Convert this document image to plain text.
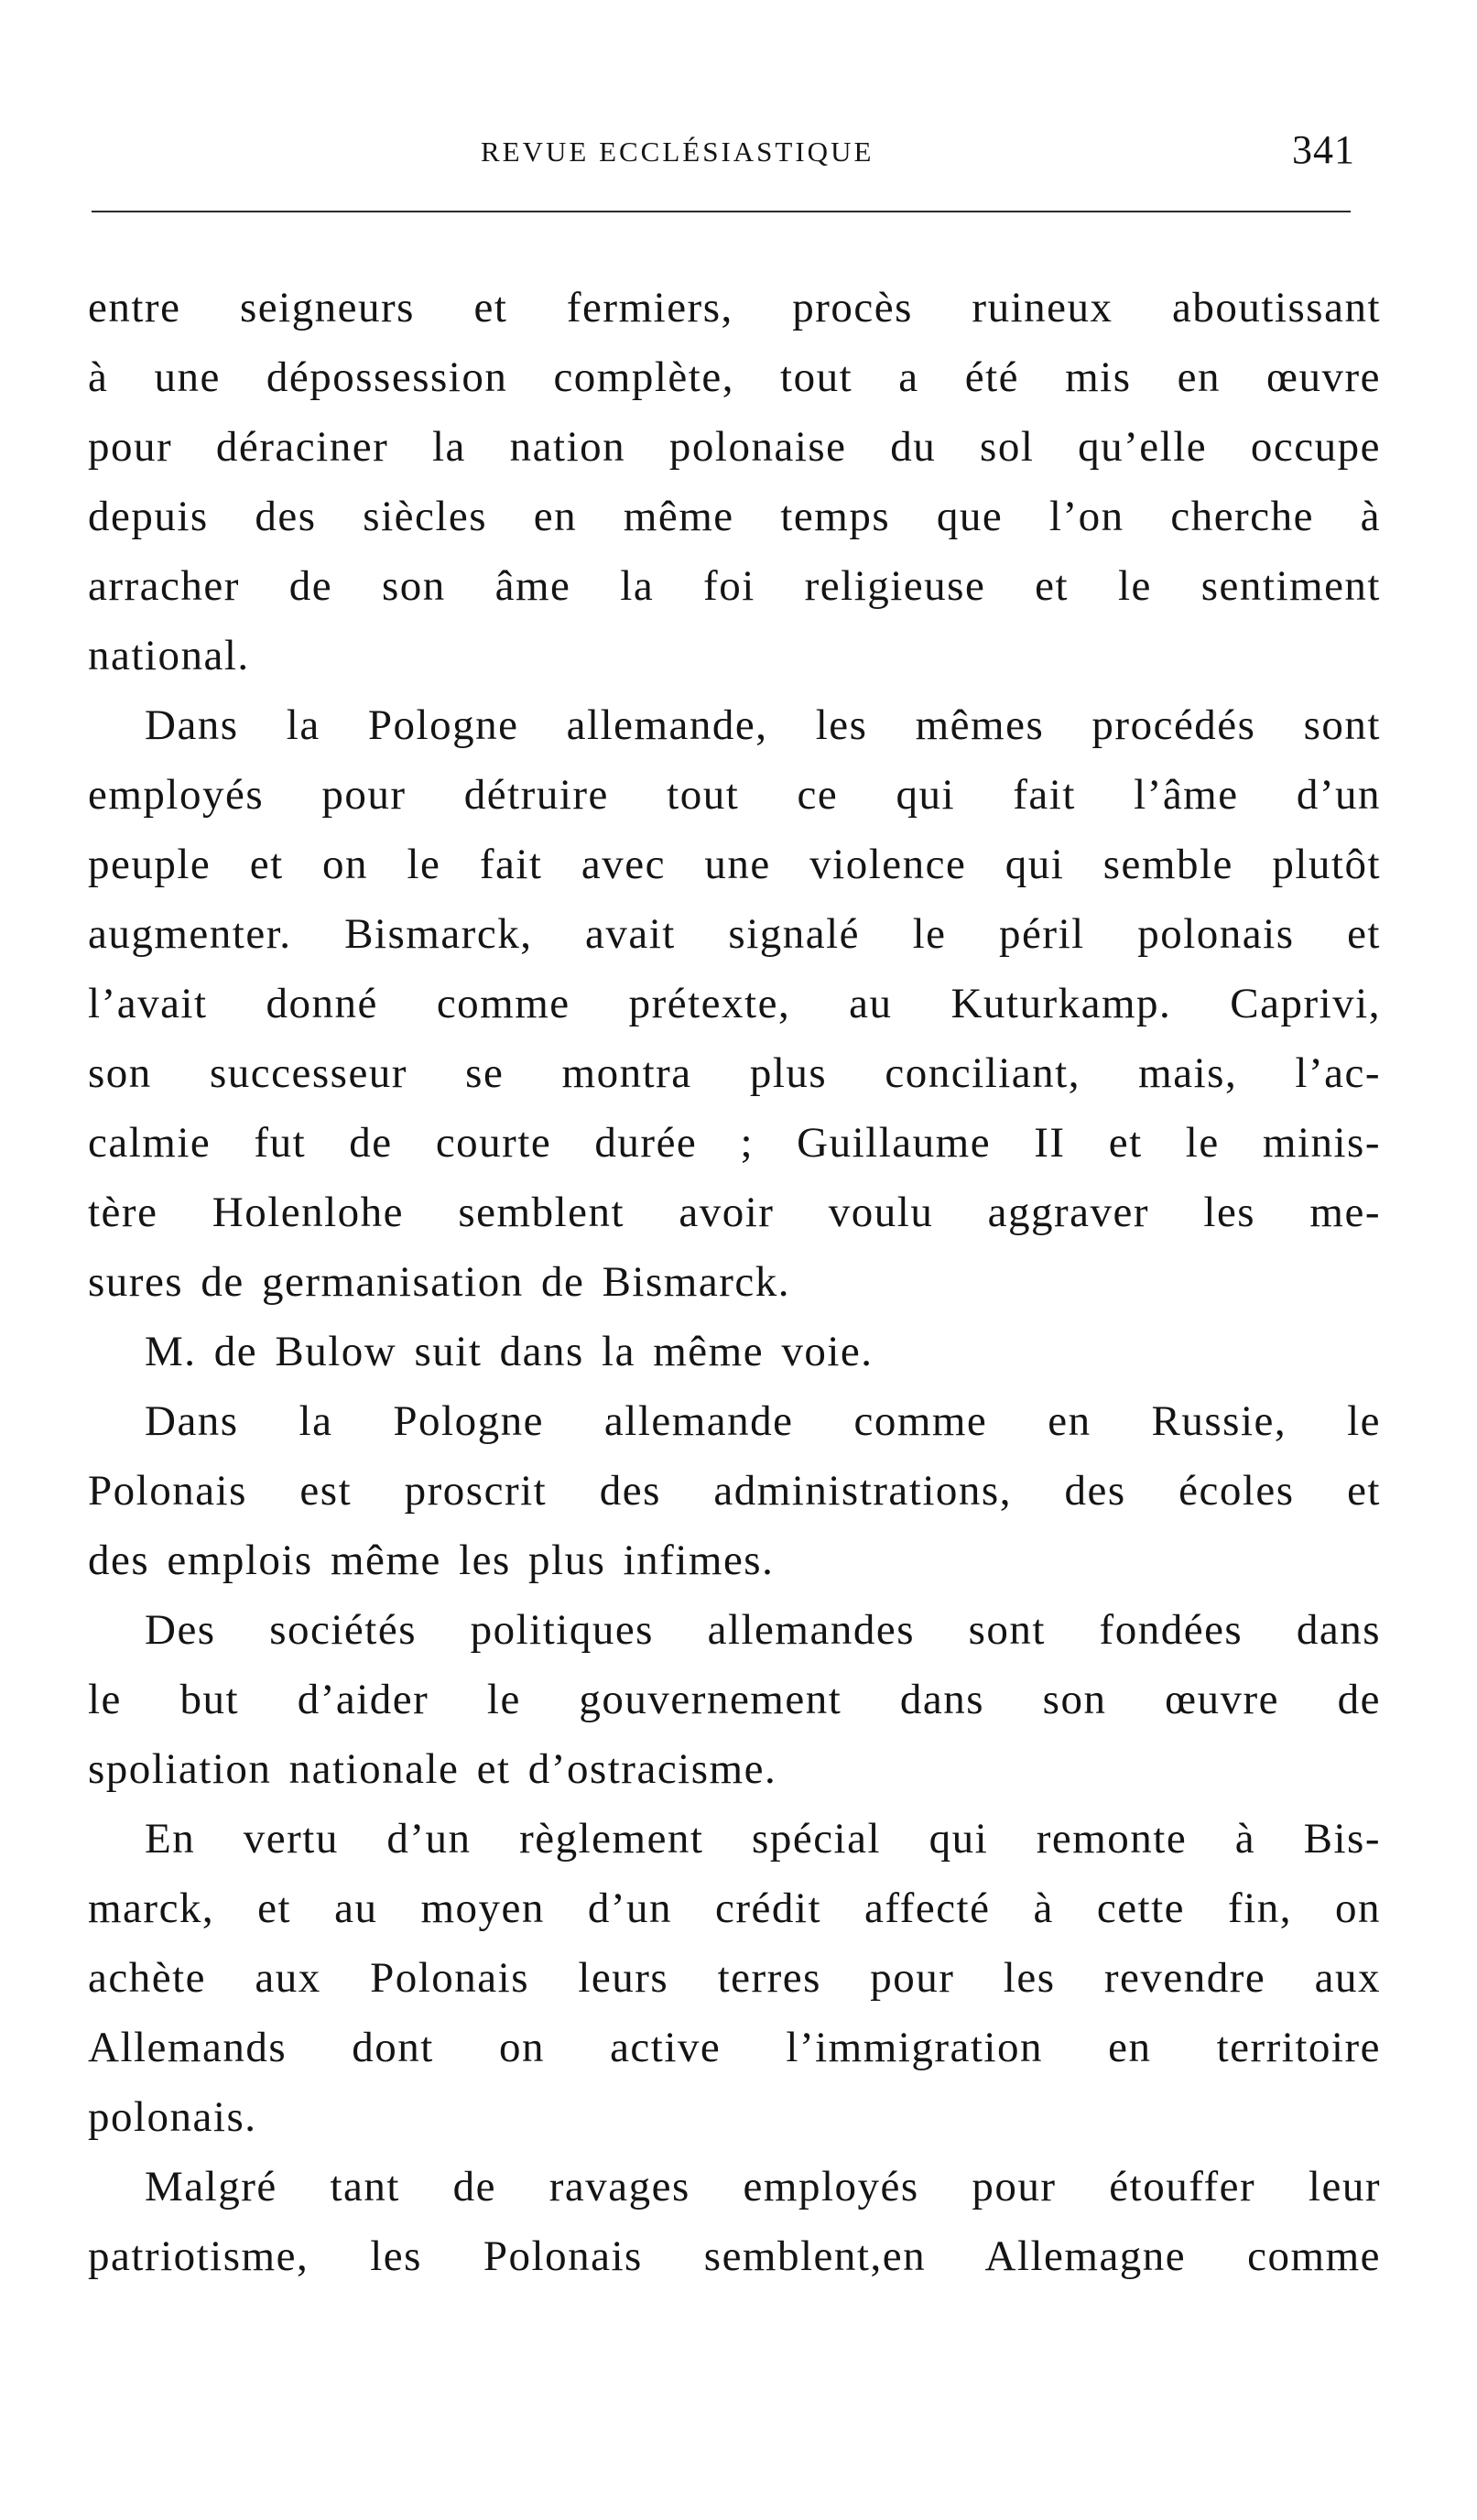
REVUE ECCLÉSIASTIQUE	341
entre seigneurs et fermiers, procès ruineux aboutissant
à une dépossession complète, tout a été mis en œuvre
pour déraciner la nation polonaise du sol qu’elle occupe
depuis des siècles en même temps que l’on cherche à
arracher de son âme la foi religieuse et le sentiment
national.
Dans la Pologne allemande, les mêmes procédés sont
employés pour détruire tout ce qui fait l’âme d’un
peuple et on le fait avec une violence qui semble plutôt
augmenter. Bismarck, avait signalé le péril polonais et
l’avait donné comme prétexte, au Kuturkamp. Caprivi,
son successeur se montra plus conciliant, mais, l’ac-
calmie fut de courte durée ; Guillaume II et le minis-
tère Holenlohe semblent avoir voulu aggraver les me-
sures de germanisation de Bismarck.
M. de Bulow suit dans la même voie.
Dans la Pologne allemande comme en Russie, le
Polonais est proscrit des administrations, des écoles et
des emplois même les plus infimes.
Des sociétés politiques allemandes sont fondées dans
le but d’aider le gouvernement dans son œuvre de
spoliation nationale et d’ostracisme.
En vertu d’un règlement spécial qui remonte à Bis-
marck, et au moyen d’un crédit affecté à cette fin, on
achète aux Polonais leurs terres pour les revendre aux
Allemands dont on active l’immigration en territoire
polonais.
Malgré tant de ravages employés pour étouffer leur
patriotisme, les Polonais semblent,en Allemagne comme
